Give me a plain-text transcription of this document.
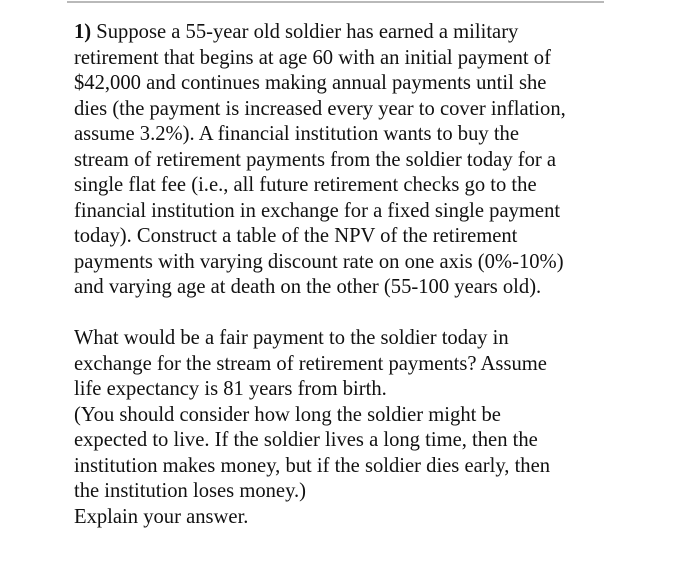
1) Suppose a 55-year old soldier has earned a military
retirement that begins at age 60 with an initial payment of
$42,000 and continues making annual payments until she
dies (the payment is increased every year to cover inflation,
assume 3.2%). A financial institution wants to buy the
stream of retirement payments from the soldier today for a
single flat fee (i.e., all future retirement checks go to the
financial institution in exchange for a fixed single payment
today). Construct a table of the NPV of the retirement
payments with varying discount rate on one axis (0%-10%)
and varying age at death on the other (55-100 years old).
What would be a fair payment to the soldier today in
exchange for the stream of retirement payments? Assume
life expectancy is 81 years from birth.
(You should consider how long the soldier might be
expected to live. If the soldier lives a long time, then the
institution makes money, but if the soldier dies early, then
the institution loses money.)
Explain your answer.
